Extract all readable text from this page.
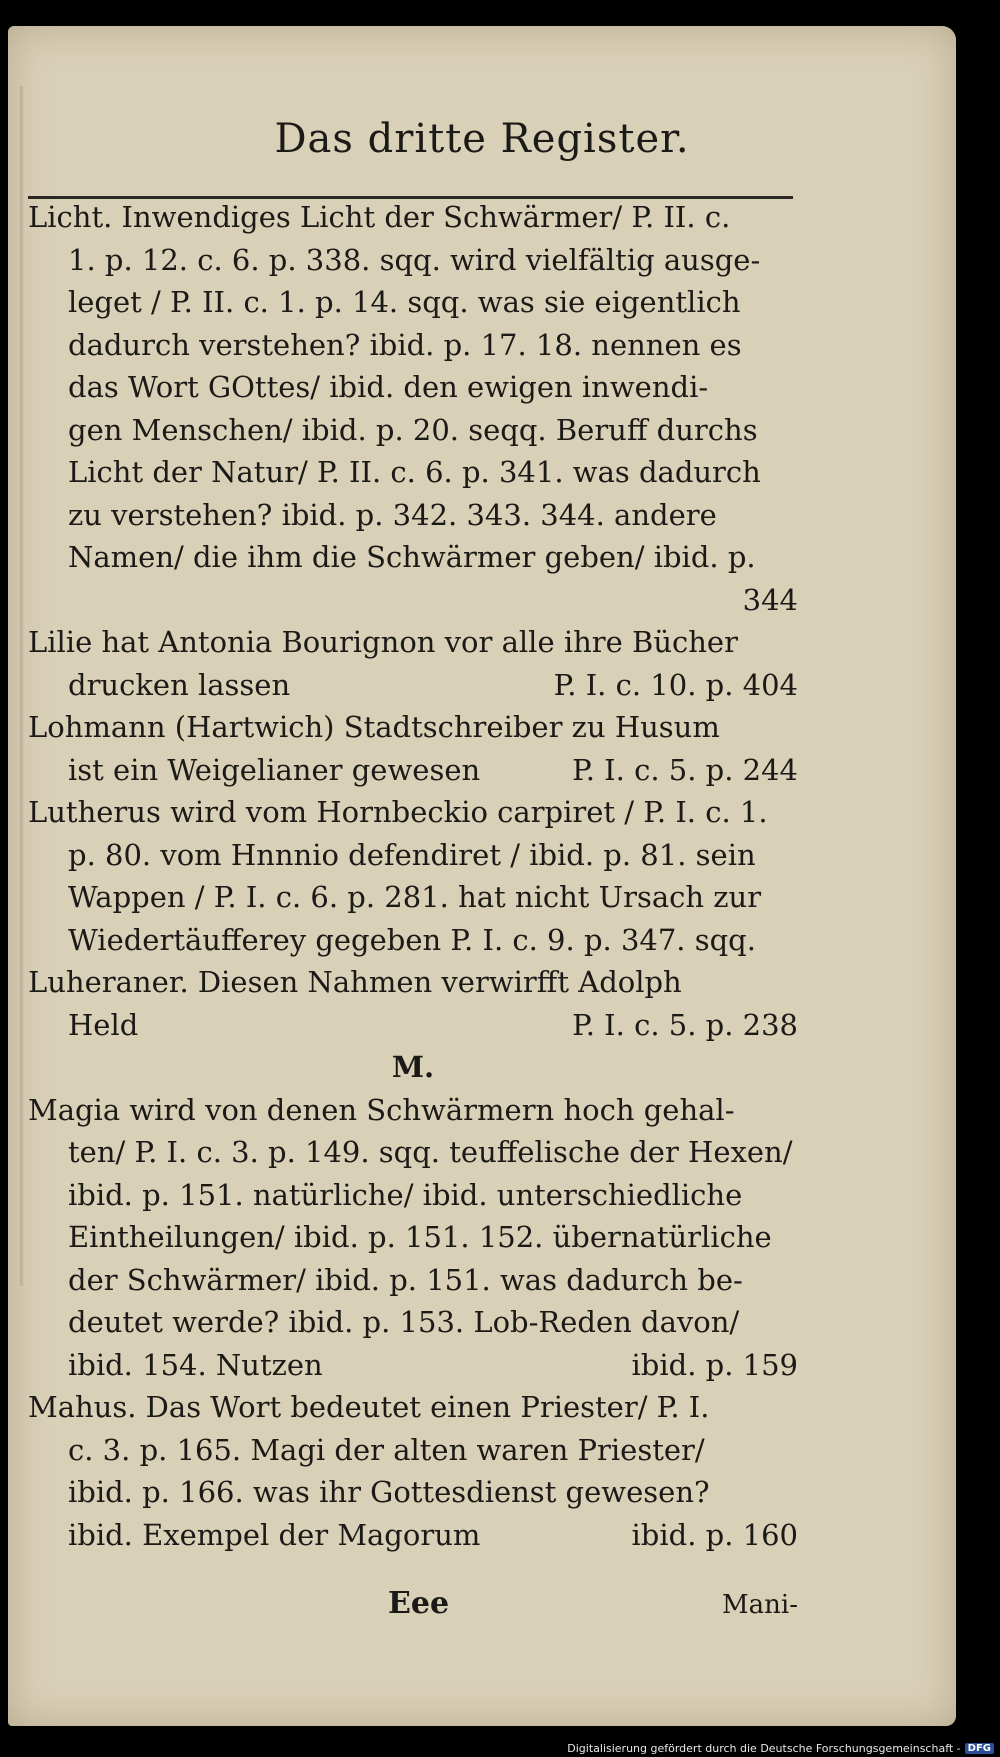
Das dritte Register.
Licht. Inwendiges Licht der Schwärmer/ P. II. c.
1. p. 12. c. 6. p. 338. sqq. wird vielfältig ausge-
leget / P. II. c. 1. p. 14. sqq. was sie eigentlich
dadurch verstehen? ibid. p. 17. 18. nennen es
das Wort GOttes/ ibid. den ewigen inwendi-
gen Menschen/ ibid. p. 20. seqq. Beruff durchs
Licht der Natur/ P. II. c. 6. p. 341. was dadurch
zu verstehen? ibid. p. 342. 343. 344. andere
Namen/ die ihm die Schwärmer geben/ ibid. p.
344
Lilie hat Antonia Bourignon vor alle ihre Bücher
drucken lassen	P. I. c. 10. p. 404
Lohmann (Hartwich) Stadtschreiber zu Husum
ist ein Weigelianer gewesen	P. I. c. 5. p. 244
Lutherus wird vom Hornbeckio carpiret / P. I. c. 1.
p. 80. vom Hnnnio defendiret / ibid. p. 81. sein
Wappen / P. I. c. 6. p. 281. hat nicht Ursach zur
Wiedertäufferey gegeben P. I. c. 9. p. 347. sqq.
Luheraner. Diesen Nahmen verwirfft Adolph
Held	P. I. c. 5. p. 238
M.
Magia wird von denen Schwärmern hoch gehal-
ten/ P. I. c. 3. p. 149. sqq. teuffelische der Hexen/
ibid. p. 151. natürliche/ ibid. unterschiedliche
Eintheilungen/ ibid. p. 151. 152. übernatürliche
der Schwärmer/ ibid. p. 151. was dadurch be-
deutet werde? ibid. p. 153. Lob-Reden davon/
ibid. 154. Nutzen	ibid. p. 159
Mahus. Das Wort bedeutet einen Priester/ P. I.
c. 3. p. 165. Magi der alten waren Priester/
ibid. p. 166. was ihr Gottesdienst gewesen?
ibid. Exempel der Magorum	ibid. p. 160
Eee	Mani-
Digitalisierung gefördert durch die Deutsche Forschungsgemeinschaft - DFG
